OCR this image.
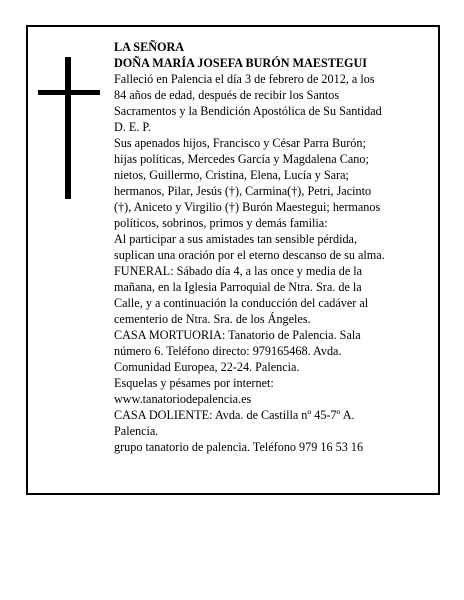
LA SEÑORA
DOÑA MARÍA JOSEFA BURÓN MAESTEGUI

Falleció en Palencia el día 3 de febrero de 2012, a los
84 años de edad, después de recibir los Santos
Sacramentos y la Bendición Apostólica de Su Santidad
D. E. P.

Sus apenados hijos, Francisco y César Parra Burón;
hijas políticas, Mercedes García y Magdalena Cano;
nietos, Guillermo, Cristina, Elena, Lucía y Sara;
hermanos, Pilar, Jesús (†), Carmina(†), Petri, Jacinto
(†), Aniceto y Virgilio (†) Burón Maestegui; hermanos
políticos, sobrinos, primos y demás familia:

Al participar a sus amistades tan sensible pérdida,
suplican una oración por el eterno descanso de su alma.

FUNERAL: Sábado día 4, a las once y media de la
mañana, en la Iglesia Parroquial de Ntra. Sra. de la
Calle, y a continuación la conducción del cadáver al
cementerio de Ntra. Sra. de los Ángeles.

CASA MORTUORIA: Tanatorio de Palencia. Sala
número 6. Teléfono directo: 979165468. Avda.
Comunidad Europea, 22-24. Palencia.

Esquelas y pésames por internet:
www.tanatoriodepalencia.es

CASA DOLIENTE: Avda. de Castilla nº 45-7º A.
Palencia.

grupo tanatorio de palencia. Teléfono 979 16 53 16
